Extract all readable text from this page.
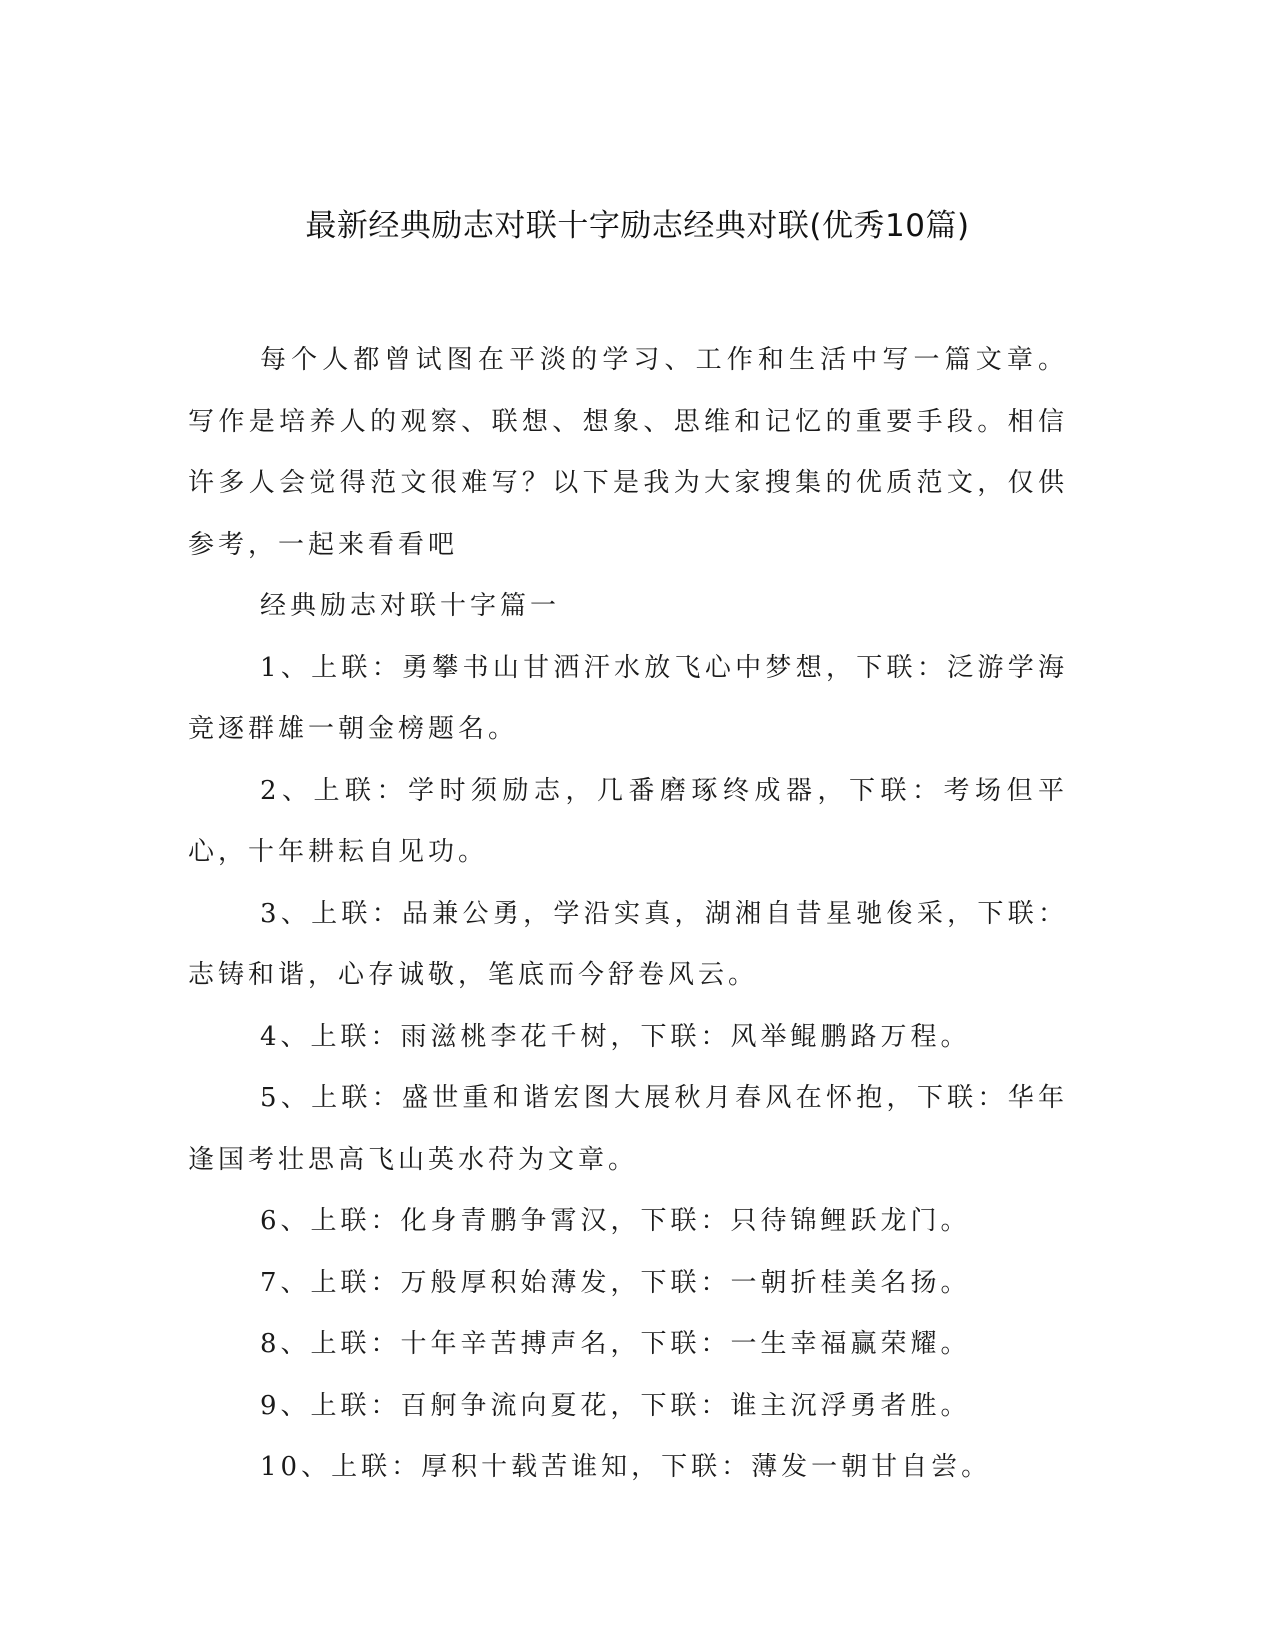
最新经典励志对联十字励志经典对联(优秀10篇)

每个人都曾试图在平淡的学习、工作和生活中写一篇文章。写作是培养人的观察、联想、想象、思维和记忆的重要手段。相信许多人会觉得范文很难写？以下是我为大家搜集的优质范文，仅供参考，一起来看看吧

经典励志对联十字篇一

1、上联：勇攀书山甘洒汗水放飞心中梦想，下联：泛游学海竞逐群雄一朝金榜题名。

2、上联：学时须励志，几番磨琢终成器，下联：考场但平心，十年耕耘自见功。

3、上联：品兼公勇，学沿实真，湖湘自昔星驰俊采，下联：志铸和谐，心存诚敬，笔底而今舒卷风云。

4、上联：雨滋桃李花千树，下联：风举鲲鹏路万程。

5、上联：盛世重和谐宏图大展秋月春风在怀抱，下联：华年逢国考壮思高飞山英水苻为文章。

6、上联：化身青鹏争霄汉，下联：只待锦鲤跃龙门。

7、上联：万般厚积始薄发，下联：一朝折桂美名扬。

8、上联：十年辛苦搏声名，下联：一生幸福赢荣耀。

9、上联：百舸争流向夏花，下联：谁主沉浮勇者胜。

10、上联：厚积十载苦谁知，下联：薄发一朝甘自尝。
